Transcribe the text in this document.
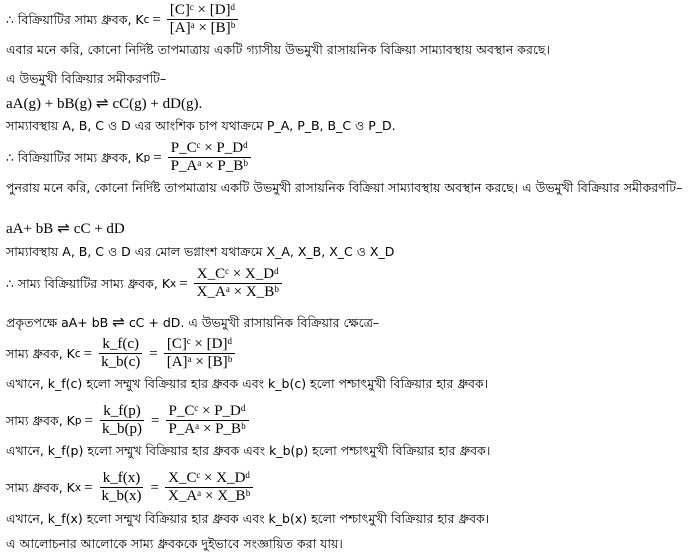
∴ বিক্রিয়াটির সাম্য ধ্রুবক, K $c = \frac{\text{[C]ᶜ × [D]ᵈ}}{\text{[A]ᵃ × [B]ᵇ}}$
এবার মনে করি, কোনো নির্দিষ্ট তাপমাত্রায় একটি গ্যাসীয় উভমুখী রাসায়নিক বিক্রিয়া সাম্যাবস্থায় অবস্থান করছে।
এ উভমুখী বিক্রিয়ার সমীকরণটি–
aA(g) + bB(g) ⇌ cC(g) + dD(g).
সাম্যাবস্থায় A, B, C ও D এর আংশিক চাপ যথাক্রমে P_A, P_B, B_C ও P_D.
∴ বিক্রিয়াটির সাম্য ধ্রুবক, K $p = \frac{\text{P\_Cᶜ × P\_Dᵈ}}{\text{P\_Aᵃ × P\_Bᵇ}}$
পুনরায় মনে করি, কোনো নির্দিষ্ট তাপমাত্রায় একটি উভমুখী রাসায়নিক বিক্রিয়া সাম্যাবস্থায় অবস্থান করছে। এ উভমুখী বিক্রিয়ার সমীকরণটি–
aA+ bB ⇌ cC + dD
সাম্যাবস্থায় A, B, C ও D এর মোল ভগ্নাংশ যথাক্রমে X_A, X_B, X_C ও X_D
∴ সাম্য বিক্রিয়াটির সাম্য ধ্রুবক, K $x = \frac{\text{X\_Cᶜ × X\_Dᵈ}}{\text{X\_Aᵃ × X\_Bᵇ}}$
প্রকৃতপক্ষে aA+ bB ⇌ cC + dD. এ উভমুখী রাসায়নিক বিক্রিয়ার ক্ষেত্রে–
সাম্য ধ্রুবক, K $c = \frac{k\_f(c)}{k\_b(c)} = \frac{\text{[C]ᶜ × [D]ᵈ}}{\text{[A]ᵃ × [B]ᵇ}}$
এখানে, k_f(c) হলো সম্মুখ বিক্রিয়ার হার ধ্রুবক এবং k_b(c) হলো পশ্চাৎমুখী বিক্রিয়ার হার ধ্রুবক।
সাম্য ধ্রুবক, K $p = \frac{k\_f(p)}{k\_b(p)} = \frac{\text{P\_Cᶜ × P\_Dᵈ}}{\text{P\_Aᵃ × P\_Bᵇ}}$
এখানে, k_f(p) হলো সম্মুখ বিক্রিয়ার হার ধ্রুবক এবং k_b(p) হলো পশ্চাৎমুখী বিক্রিয়ার হার ধ্রুবক।
সাম্য ধ্রুবক, K $x = \frac{k\_f(x)}{k\_b(x)} = \frac{\text{X\_Cᶜ × X\_Dᵈ}}{\text{X\_Aᵃ × X\_Bᵇ}}$
এখানে, k_f(x) হলো সম্মুখ বিক্রিয়ার হার ধ্রুবক এবং k_b(x) হলো পশ্চাৎমুখী বিক্রিয়ার হার ধ্রুবক।
এ আলোচনার আলোকে সাম্য ধ্রুবককে দুইভাবে সংজ্ঞায়িত করা যায়।
